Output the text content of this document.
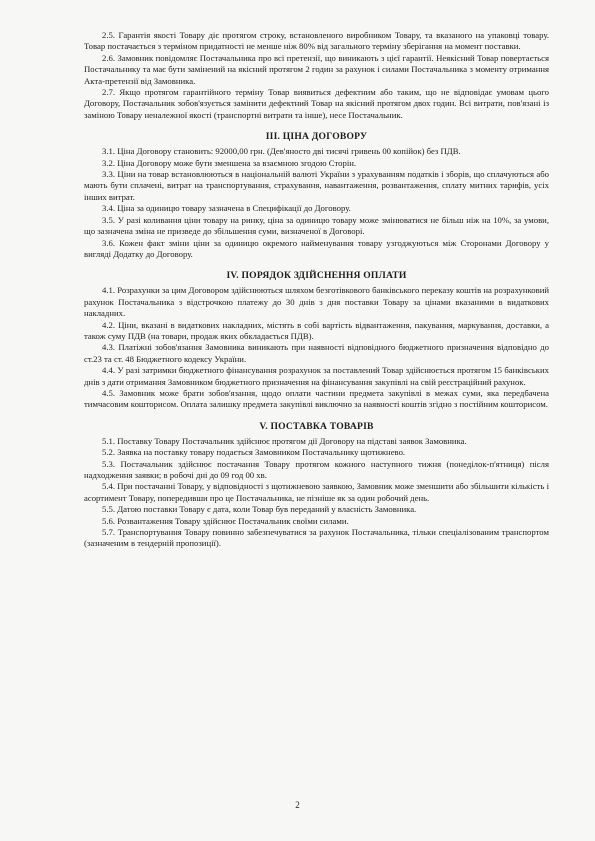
2.5. Гарантія якості Товару діє протягом строку, встановленого виробником Товару, та вказаного на упаковці товару. Товар постачається з терміном придатності не менше ніж 80% від загального терміну зберігання на момент поставки.

2.6. Замовник повідомляє Постачальника про всі претензії, що виникають з цієї гарантії. Неякісний Товар повертається Постачальнику та має бути замінений на якісний протягом 2 годин за рахунок і силами Постачальника з моменту отримання Акта-претензії від Замовника.

2.7. Якщо протягом гарантійного терміну Товар виявиться дефектним або таким, що не відповідає умовам цього Договору, Постачальник зобов'язується замінити дефектний Товар на якісний протягом двох годин. Всі витрати, пов'язані із заміною Товару неналежної якості (транспортні витрати та інше), несе Постачальник.

ІІІ. ЦІНА ДОГОВОРУ

3.1. Ціна Договору становить: 92000,00 грн. (Дев'яносто дві тисячі гривень 00 копійок) без ПДВ.

3.2. Ціна Договору може бути зменшена за взаємною згодою Сторін.

3.3. Ціни на товар встановлюються в національній валюті України з урахуванням податків і зборів, що сплачуються або мають бути сплачені, витрат на транспортування, страхування, навантаження, розвантаження, сплату митних тарифів, усіх інших витрат.

3.4. Ціна за одиницю товару зазначена в Специфікації до Договору.

3.5. У разі коливання ціни товару на ринку, ціна за одиницю товару може змінюватися не більш ніж на 10%, за умови, що зазначена зміна не призведе до збільшення суми, визначеної в Договорі.

3.6. Кожен факт зміни ціни за одиницю окремого найменування товару узгоджуються між Сторонами Договору у вигляді Додатку до Договору.

IV. ПОРЯДОК ЗДІЙСНЕННЯ ОПЛАТИ

4.1. Розрахунки за цим Договором здійснюються шляхом безготівкового банківського переказу коштів на розрахунковий рахунок Постачальника з відстрочкою платежу до 30 днів з дня поставки Товару за цінами вказаними в видаткових накладних.

4.2. Ціни, вказані в видаткових накладних, містять в собі вартість відвантаження, пакування, маркування, доставки, а також суму ПДВ (на товари, продаж яких обкладається ПДВ).

4.3. Платіжні зобов'язання Замовника виникають при наявності відповідного бюджетного призначення відповідно до ст.23 та ст. 48 Бюджетного кодексу України.

4.4. У разі затримки бюджетного фінансування розрахунок за поставлений Товар здійснюється протягом 15 банківських днів з дати отримання Замовником бюджетного призначення на фінансування закупівлі на свій реєстраційний рахунок.

4.5. Замовник може брати зобов'язання, щодо оплати частини предмета закупівлі в межах суми, яка передбачена тимчасовим кошторисом. Оплата залишку предмета закупівлі виключно за наявності коштів згідно з постійним кошторисом.

V. ПОСТАВКА ТОВАРІВ

5.1. Поставку Товару Постачальник здійснює протягом дії Договору на підставі заявок Замовника.

5.2. Заявка на поставку товару подається Замовником Постачальнику щотижнево.

5.3. Постачальник здійснює постачання Товару протягом кожного наступного тижня (понеділок-п'ятниця) після надходження заявки; в робочі дні до 09 год 00 хв.

5.4. При постачанні Товару, у відповідності з щотижневою заявкою, Замовник може зменшити або збільшити кількість і асортимент Товару, попередивши про це Постачальника, не пізніше як за один робочий день.

5.5. Датою поставки Товару є дата, коли Товар був переданий у власність Замовника.

5.6. Розвантаження Товару здійснює Постачальник своїми силами.

5.7. Транспортування Товару повинно забезпечуватися за рахунок Постачальника, тільки спеціалізованим транспортом (зазначеним в тендерній пропозиції).

2
